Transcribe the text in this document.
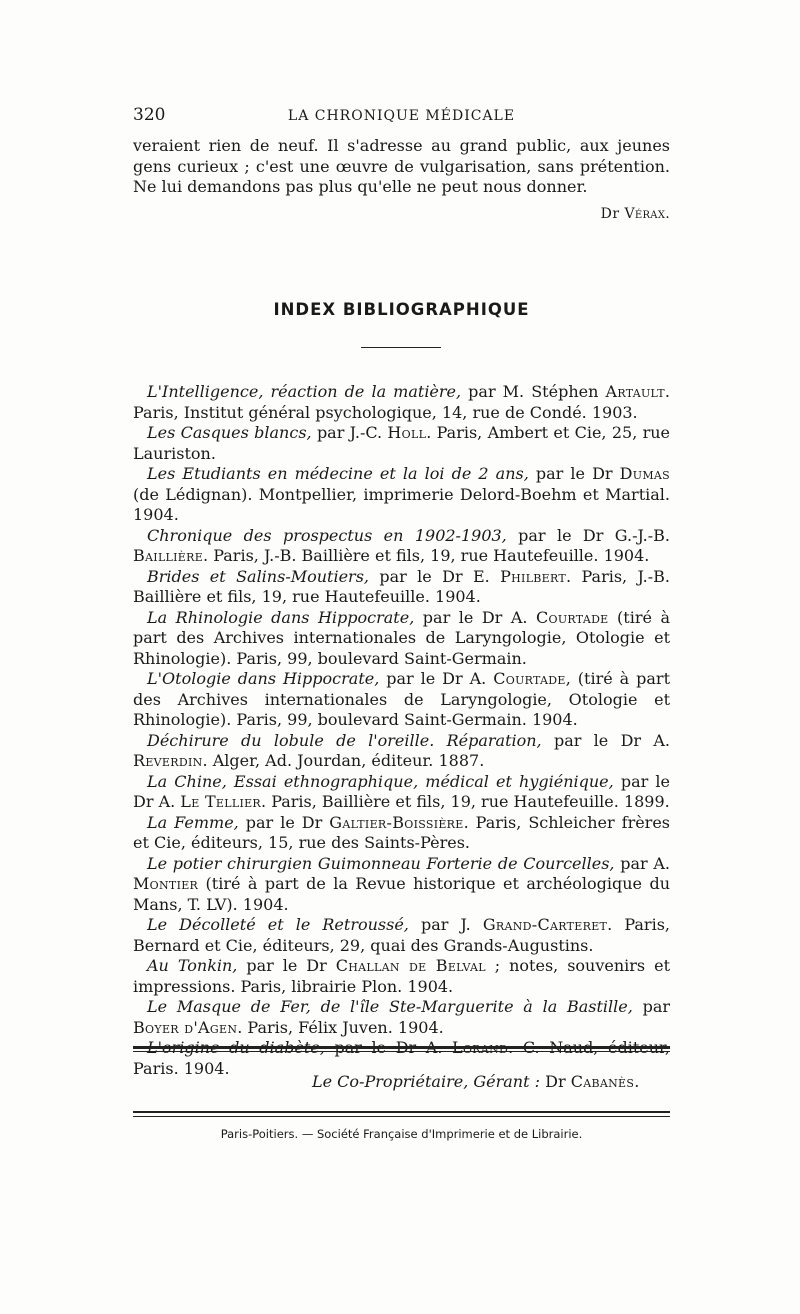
320	LA CHRONIQUE MÉDICALE

veraient rien de neuf. Il s'adresse au grand public, aux jeunes gens curieux ; c'est une œuvre de vulgarisation, sans prétention. Ne lui demandons pas plus qu'elle ne peut nous donner.

Dr Vérax.
INDEX BIBLIOGRAPHIQUE

L'Intelligence, réaction de la matière, par M. Stéphen Artault. Paris, Institut général psychologique, 14, rue de Condé. 1903.

Les Casques blancs, par J.-C. Holl. Paris, Ambert et Cie, 25, rue Lauriston.

Les Etudiants en médecine et la loi de 2 ans, par le Dr Dumas (de Lédignan). Montpellier, imprimerie Delord-Boehm et Martial. 1904.

Chronique des prospectus en 1902-1903, par le Dr G.-J.-B. Baillière. Paris, J.-B. Baillière et fils, 19, rue Hautefeuille. 1904.

Brides et Salins-Moutiers, par le Dr E. Philbert. Paris, J.-B. Baillière et fils, 19, rue Hautefeuille. 1904.

La Rhinologie dans Hippocrate, par le Dr A. Courtade (tiré à part des Archives internationales de Laryngologie, Otologie et Rhinologie). Paris, 99, boulevard Saint-Germain.

L'Otologie dans Hippocrate, par le Dr A. Courtade, (tiré à part des Archives internationales de Laryngologie, Otologie et Rhinologie). Paris, 99, boulevard Saint-Germain. 1904.

Déchirure du lobule de l'oreille. Réparation, par le Dr A. Reverdin. Alger, Ad. Jourdan, éditeur. 1887.

La Chine, Essai ethnographique, médical et hygiénique, par le Dr A. Le Tellier. Paris, Baillière et fils, 19, rue Hautefeuille. 1899.

La Femme, par le Dr Galtier-Boissière. Paris, Schleicher frères et Cie, éditeurs, 15, rue des Saints-Pères.

Le potier chirurgien Guimonneau Forterie de Courcelles, par A. Montier (tiré à part de la Revue historique et archéologique du Mans, T. LV). 1904.

Le Décolleté et le Retroussé, par J. Grand-Carteret. Paris, Bernard et Cie, éditeurs, 29, quai des Grands-Augustins.

Au Tonkin, par le Dr Challan de Belval ; notes, souvenirs et impressions. Paris, librairie Plon. 1904.

Le Masque de Fer, de l'île Ste-Marguerite à la Bastille, par Boyer d'Agen. Paris, Félix Juven. 1904.

Paris. 1904.

Le Co-Propriétaire, Gérant : Dr Cabanès.
Paris-Poitiers. — Société Française d'Imprimerie et de Librairie.
